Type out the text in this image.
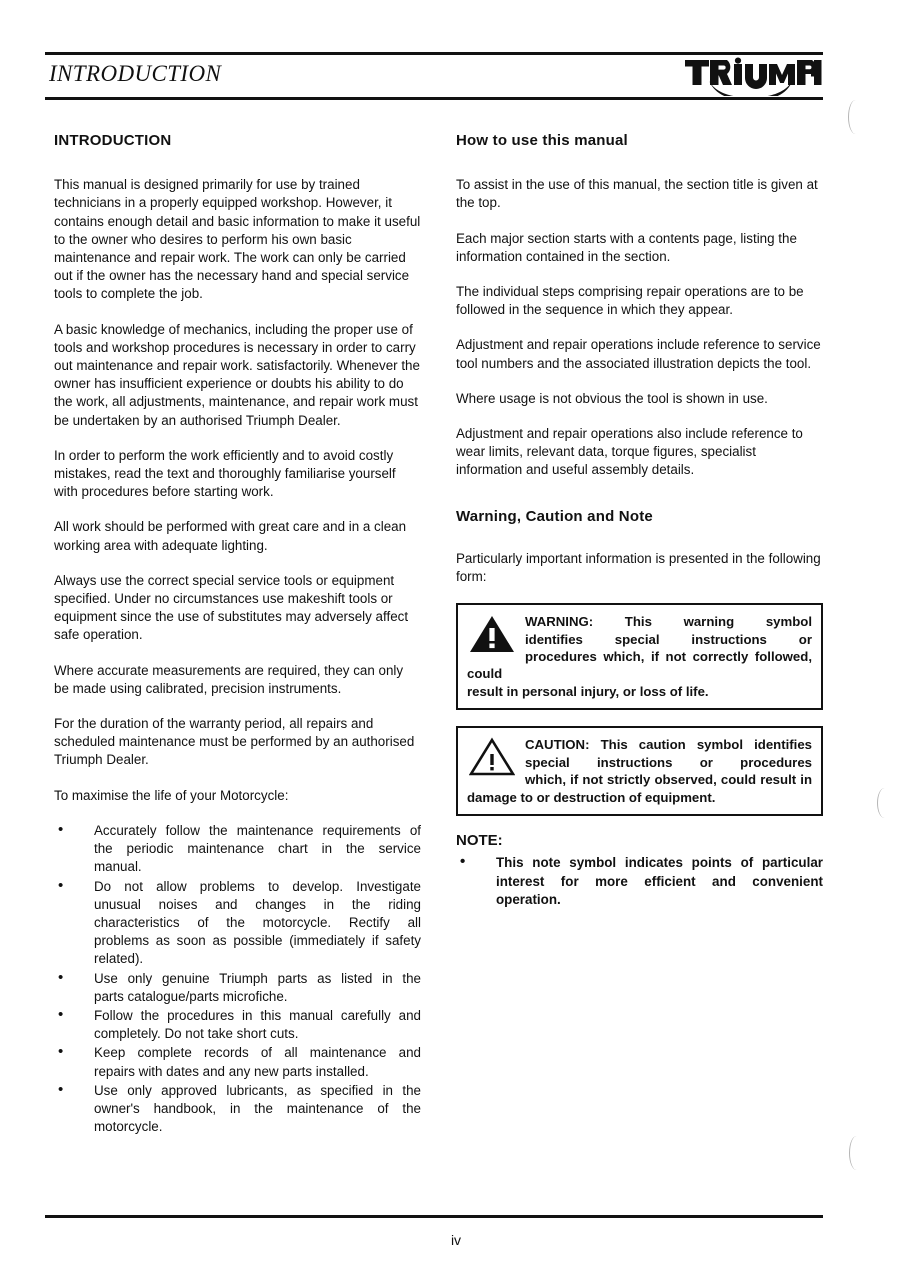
INTRODUCTION
INTRODUCTION

This manual is designed primarily for use by trained technicians in a properly equipped workshop. However, it contains enough detail and basic information to make it useful to the owner who desires to perform his own basic maintenance and repair work. The work can only be carried out if the owner has the necessary hand and special service tools to complete the job.

A basic knowledge of mechanics, including the proper use of tools and workshop procedures is necessary in order to carry out maintenance and repair work. satisfactorily. Whenever the owner has insufficient experience or doubts his ability to do the work, all adjustments, maintenance, and repair work must be undertaken by an authorised Triumph Dealer.

In order to perform the work efficiently and to avoid costly mistakes, read the text and thoroughly familiarise yourself with procedures before starting work.

All work should be performed with great care and in a clean working area with adequate lighting.

Always use the correct special service tools or equipment specified. Under no circumstances use makeshift tools or equipment since the use of substitutes may adversely affect safe operation.

Where accurate measurements are required, they can only be made using calibrated, precision instruments.

For the duration of the warranty period, all repairs and scheduled maintenance must be performed by an authorised Triumph Dealer.

To maximise the life of your Motorcycle:

• Accurately follow the maintenance requirements of
the periodic maintenance chart in the service
manual.
• Do not allow problems to develop. Investigate
unusual noises and changes in the riding
characteristics of the motorcycle. Rectify all
problems as soon as possible (immediately if safety
related).
• Use only genuine Triumph parts as listed in the
parts catalogue/parts microfiche.
• Follow the procedures in this manual carefully and
completely. Do not take short cuts.
• Keep complete records of all maintenance and
repairs with dates and any new parts installed.
• Use only approved lubricants, as specified in the
owner's handbook, in the maintenance of the
motorcycle.
How to use this manual

To assist in the use of this manual, the section title is given at the top.

Each major section starts with a contents page, listing the information contained in the section.

The individual steps comprising repair operations are to be followed in the sequence in which they appear.

Adjustment and repair operations include reference to service tool numbers and the associated illustration depicts the tool.

Where usage is not obvious the tool is shown in use.

Adjustment and repair operations also include reference to wear limits, relevant data, torque figures, specialist information and useful assembly details.

Warning, Caution and Note

Particularly important information is presented in the following form:

WARNING: This warning symbol
identifies special instructions or
procedures which, if not correctly followed, could
result in personal injury, or loss of life.
CAUTION: This caution symbol identifies
special instructions or procedures
which, if not strictly observed, could result in
damage to or destruction of equipment.
NOTE:
• This note symbol indicates points of particular
interest for more efficient and convenient
operation.
iv
